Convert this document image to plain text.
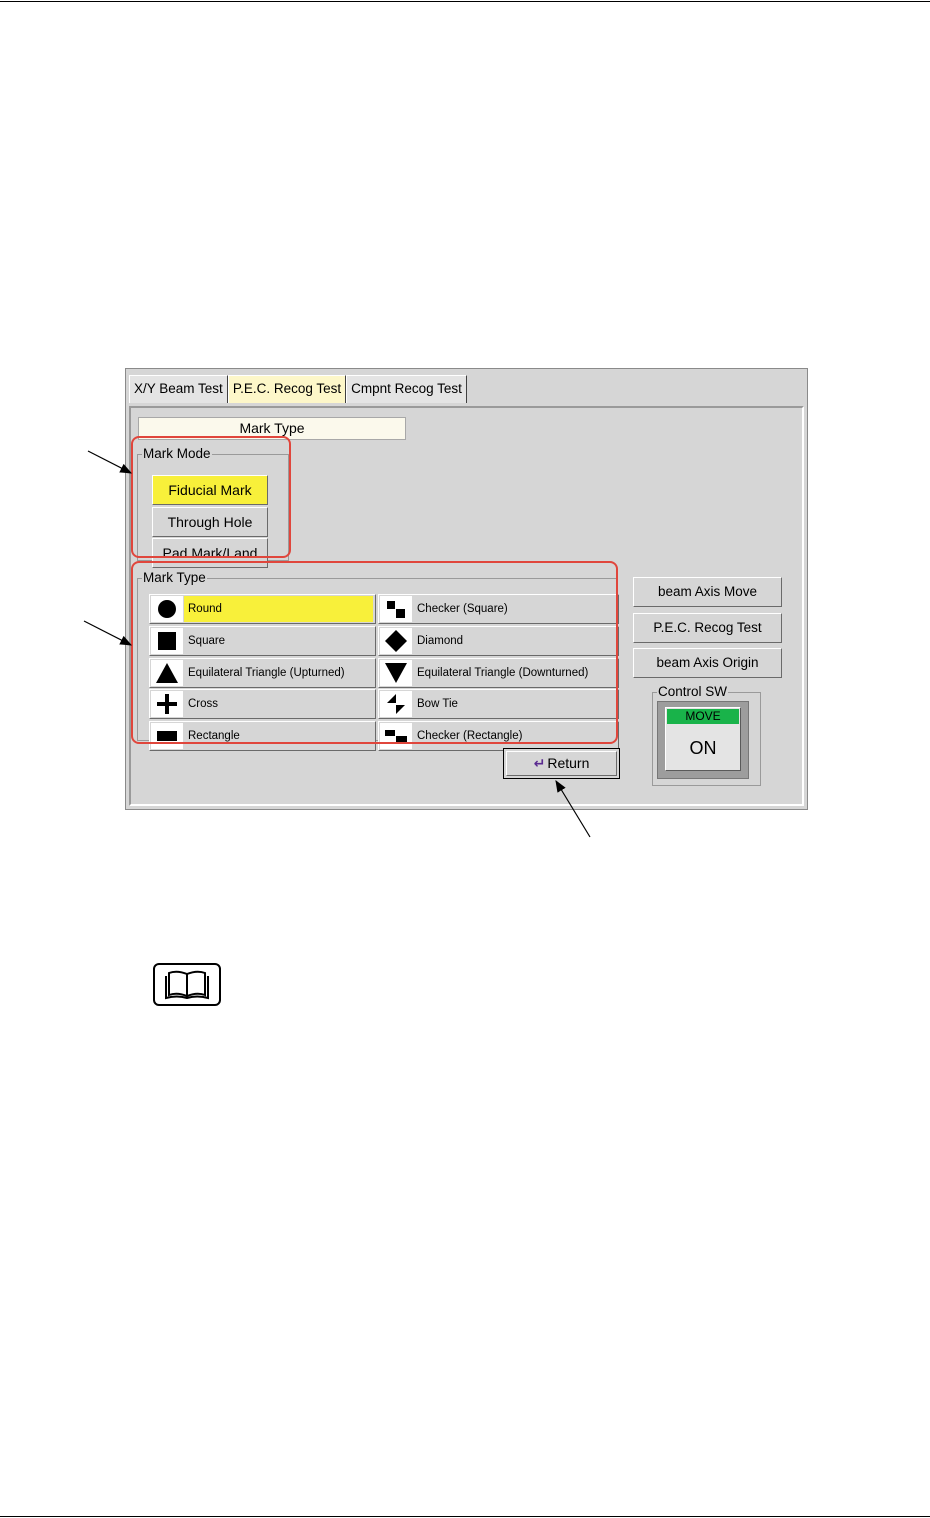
X/Y Beam Test P.E.C. Recog Test Cmpnt Recog Test
Mark Type
Mark Mode
Fiducial Mark
Through Hole
Pad Mark/Land
Mark Type
Round	Checker (Square)
Square	Diamond
Equilateral Triangle (Upturned)	Equilateral Triangle (Downturned)
Cross	Bow Tie
Rectangle	Checker (Rectangle)
beam Axis Move
P.E.C. Recog Test
beam Axis Origin
Control SW
MOVE
ON
↵ Return
